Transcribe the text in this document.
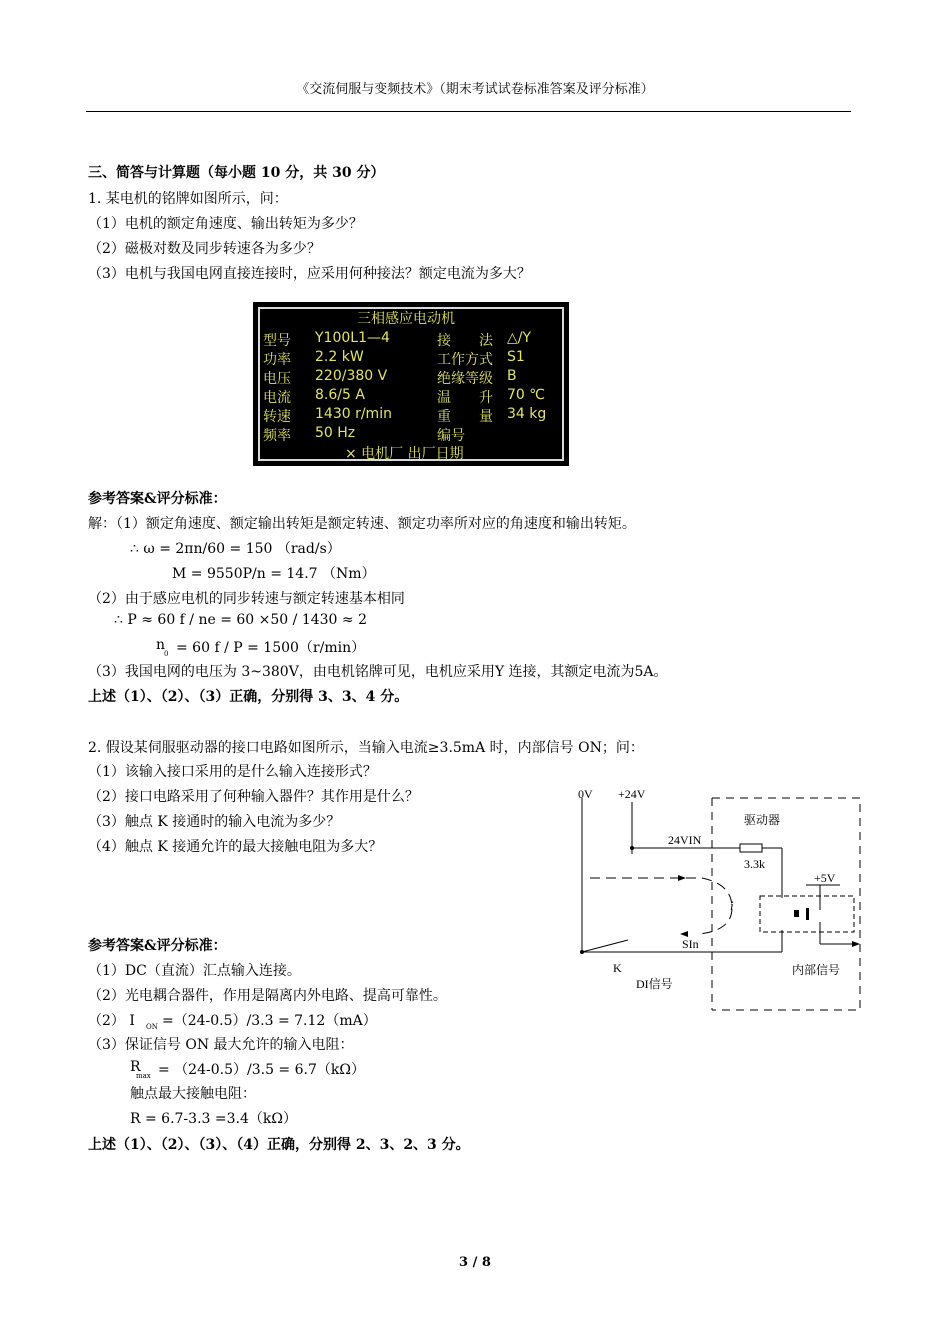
《交流伺服与变频技术》（期末考试试卷标准答案及评分标准）
三、简答与计算题（每小题 10 分，共 30 分）
1. 某电机的铭牌如图所示，问：
（1）电机的额定角速度、输出转矩为多少？
（2）磁极对数及同步转速各为多少？
（3）电机与我国电网直接连接时，应采用何种接法？额定电流为多大？
三相感应电动机
型号
功率
电压
电流
转速
频率
Y100L1—4
2.2 kW
220/380 V
8.6/5 A
1430 r/min
50 Hz
接　　法
工作方式
绝缘等级
温　　升
重　　量
编号
△/Y
S1
B
70 ℃
34 kg
× 电机厂 出厂日期
参考答案&评分标准：
解：（1）额定角速度、额定输出转矩是额定转速、额定功率所对应的角速度和输出转矩。
∴ ω = 2πn/60 = 150 （rad/s）
M = 9550P/n = 14.7 （Nm）
（2）由于感应电机的同步转速与额定转速基本相同
∴ P ≈ 60 f / ne = 60 ×50 / 1430 ≈ 2
n
0 = 60 f / P = 1500（r/min）
（3）我国电网的电压为 3~380V，由电机铭牌可见，电机应采用Y 连接，其额定电流为5A。
上述（1）、（2）、（3）正确，分别得 3、3、4 分。
2. 假设某伺服驱动器的接口电路如图所示，当输入电流≥3.5mA 时，内部信号 ON；问：
（1）该输入接口采用的是什么输入连接形式？
（2）接口电路采用了何种输入器件？其作用是什么？
（3）触点 K 接通时的输入电流为多少？
（4）触点 K 接通允许的最大接触电阻为多大？
0V +24V
驱动器
24VIN
3.3k
+5V
i
SIn
K
DI信号
内部信号
参考答案&评分标准：
（1）DC（直流）汇点输入连接。
（2）光电耦合器件，作用是隔离内外电路、提高可靠性。
（2） I ON =（24-0.5）/3.3 = 7.12（mA）
（3）保证信号 ON 最大允许的输入电阻：
R
max = （24-0.5）/3.5 = 6.7（kΩ）
触点最大接触电阻：
R = 6.7-3.3 =3.4（kΩ）
上述（1）、（2）、（3）、（4）正确，分别得 2、3、2、3 分。
3 / 8
